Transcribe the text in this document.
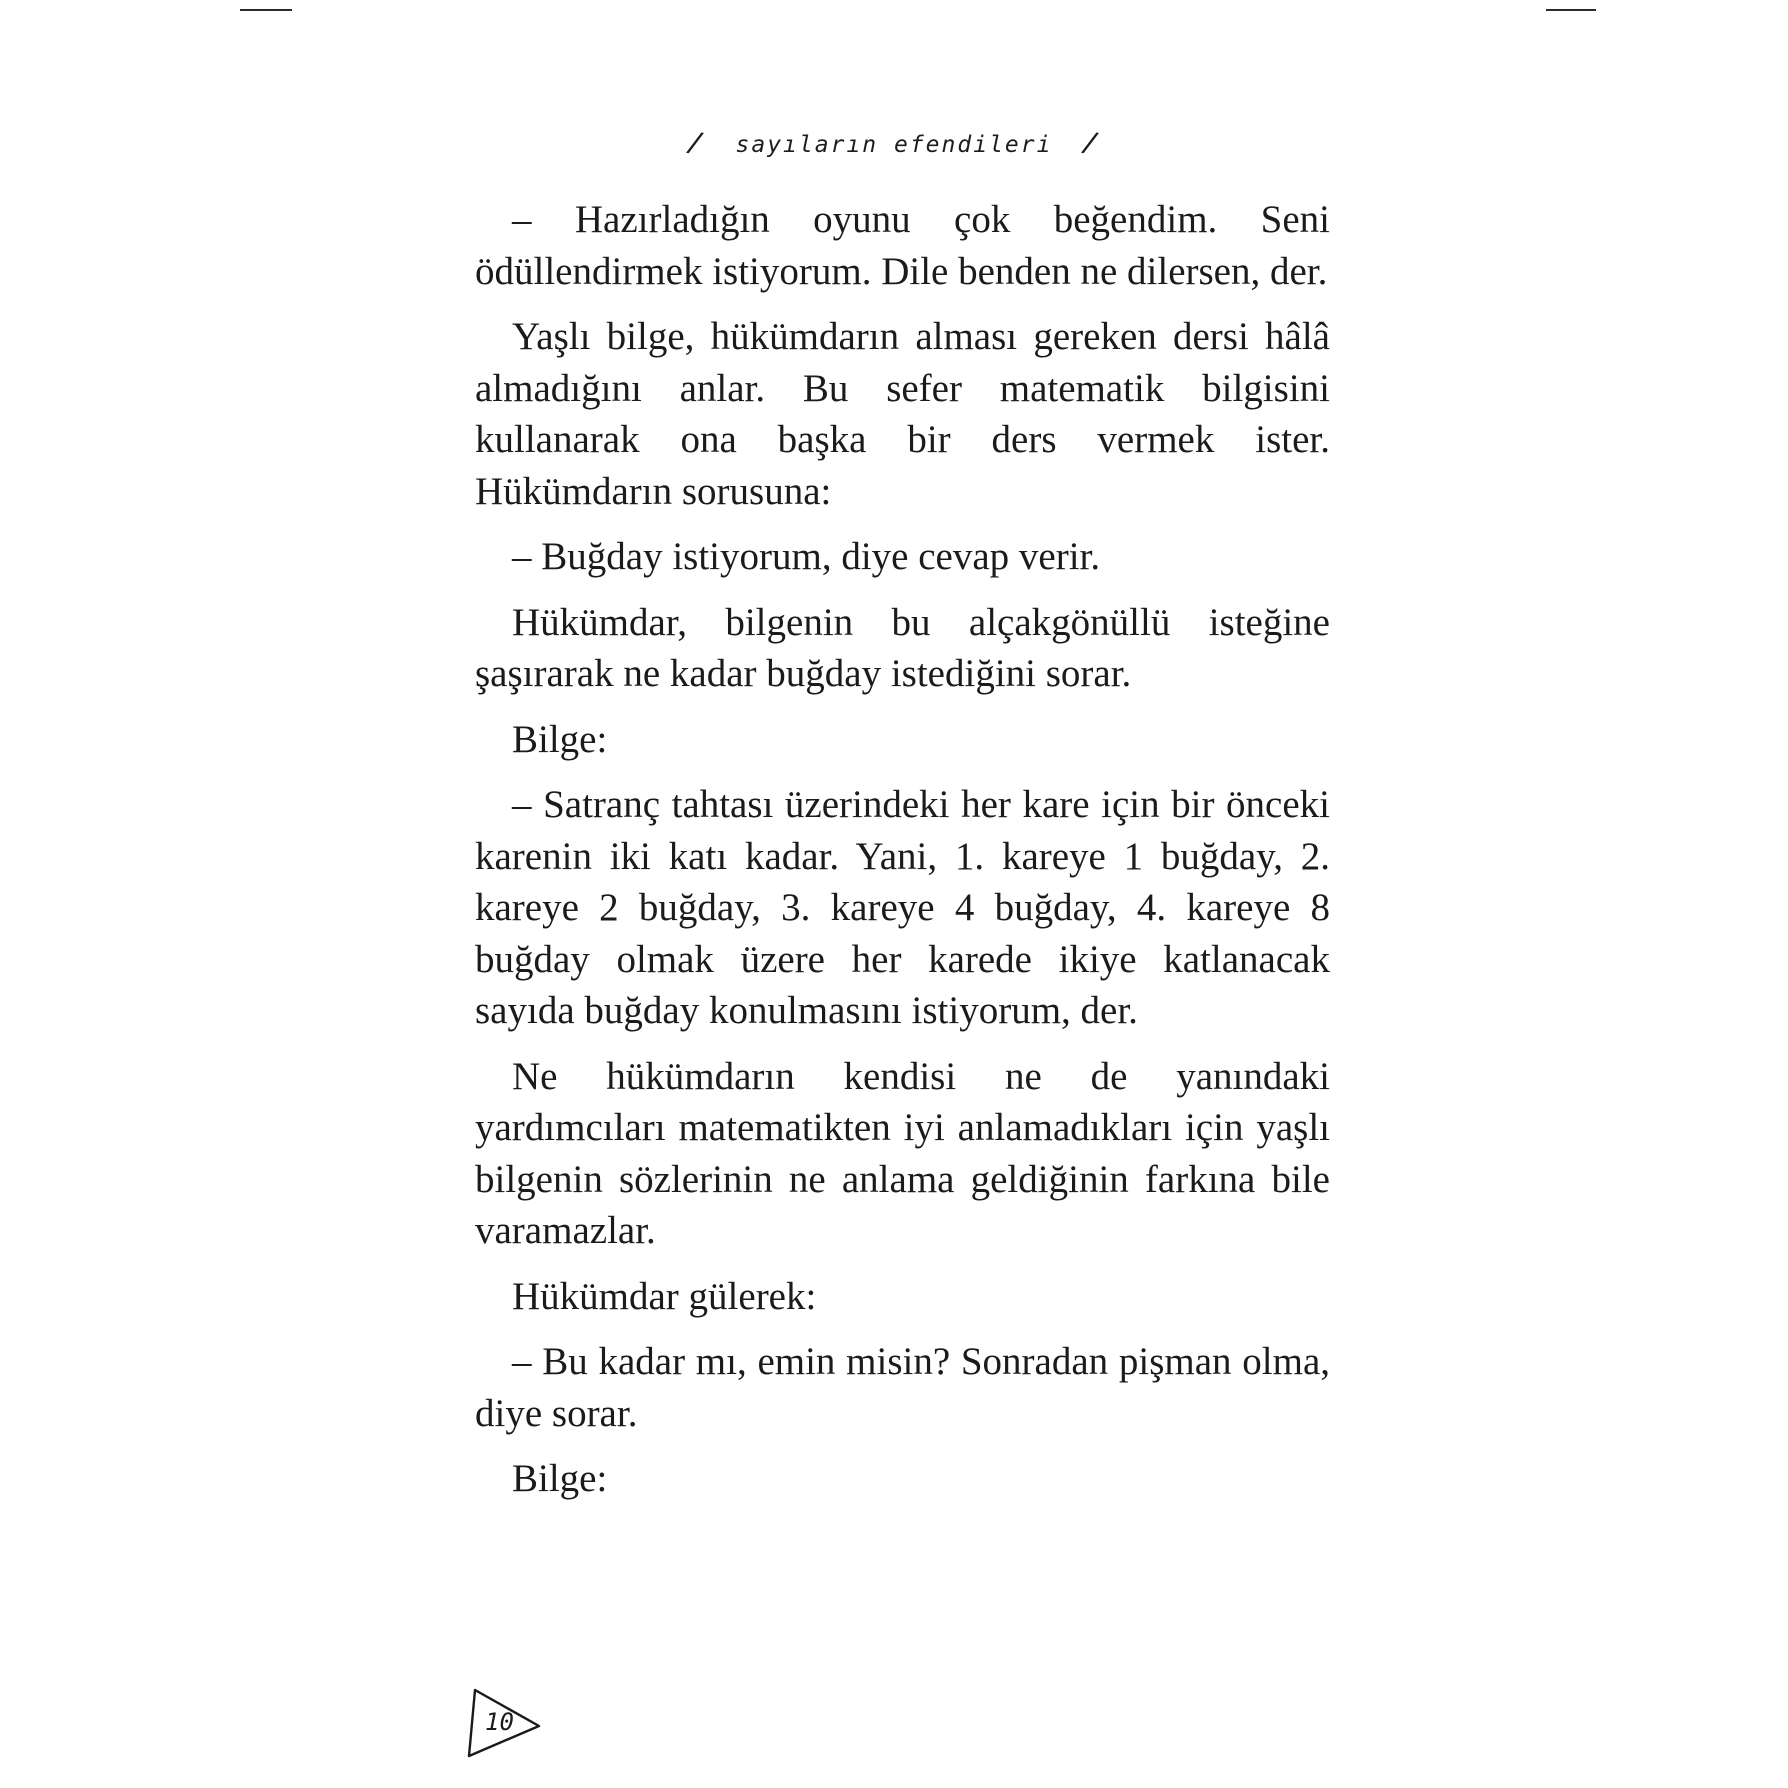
/ sayıların efendileri /

– Hazırladığın oyunu çok beğendim. Seni ödüllendirmek istiyorum. Dile benden ne dilersen, der.

Yaşlı bilge, hükümdarın alması gereken dersi hâlâ almadığını anlar. Bu sefer matematik bilgisini kullanarak ona başka bir ders vermek ister. Hükümdarın sorusuna:

– Buğday istiyorum, diye cevap verir.

Hükümdar, bilgenin bu alçakgönüllü isteğine şaşırarak ne kadar buğday istediğini sorar.

Bilge:

– Satranç tahtası üzerindeki her kare için bir önceki karenin iki katı kadar. Yani, 1. kareye 1 buğday, 2. kareye 2 buğday, 3. kareye 4 buğday, 4. kareye 8 buğday olmak üzere her karede ikiye katlanacak sayıda buğday konulmasını istiyorum, der.

Ne hükümdarın kendisi ne de yanındaki yardımcıları matematikten iyi anlamadıkları için yaşlı bilgenin sözlerinin ne anlama geldiğinin farkına bile varamazlar.

Hükümdar gülerek:

– Bu kadar mı, emin misin? Sonradan pişman olma, diye sorar.

Bilge:

10
